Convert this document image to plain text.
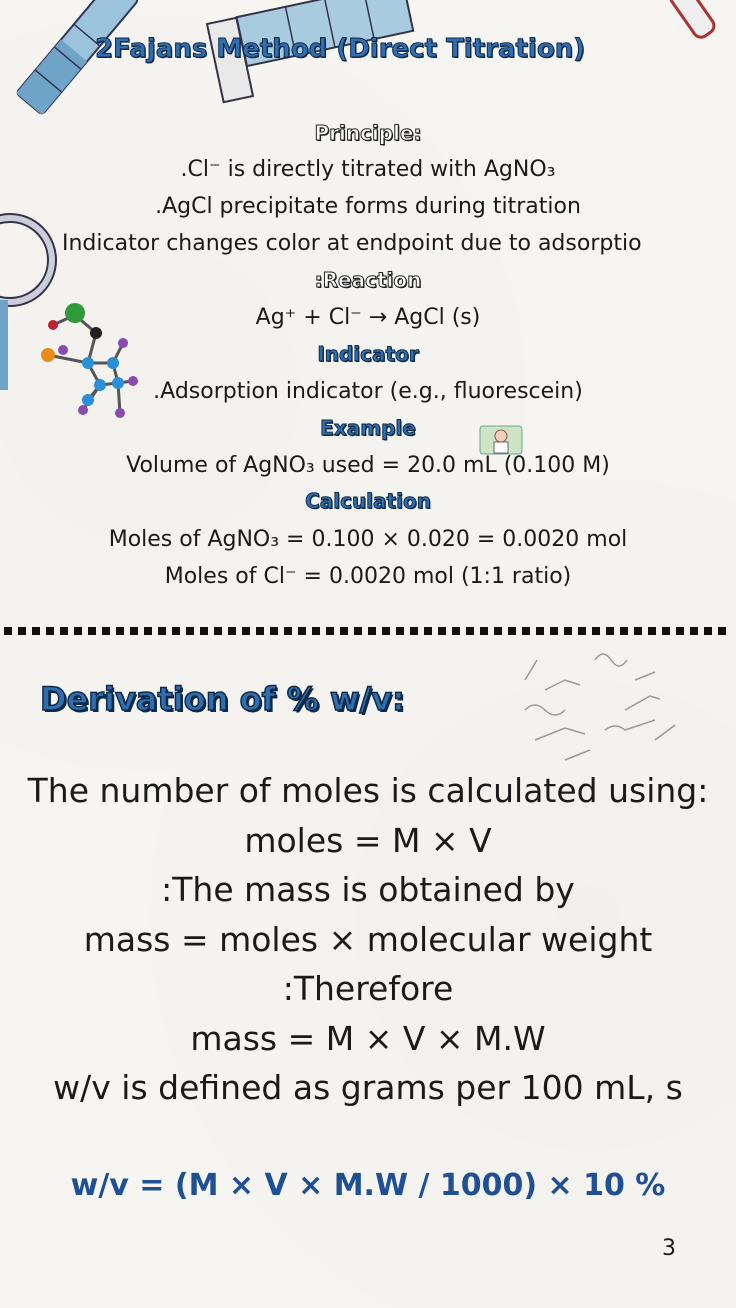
2Fajans Method (Direct Titration)
Principle:
.Cl⁻ is directly titrated with AgNO₃
.AgCl precipitate forms during titration
Indicator changes color at endpoint due to adsorptio
:Reaction
Ag⁺ + Cl⁻ → AgCl (s)
Indicator
.Adsorption indicator (e.g., fluorescein)
Example
Volume of AgNO₃ used = 20.0 mL (0.100 M)
Calculation
Moles of AgNO₃ = 0.100 × 0.020 = 0.0020 mol
Moles of Cl⁻ = 0.0020 mol (1:1 ratio)
Derivation of % w/v:
The number of moles is calculated using:
moles = M × V
:The mass is obtained by
mass = moles × molecular weight
:Therefore
mass = M × V × M.W
w/v is defined as grams per 100 mL, s
w/v = (M × V × M.W / 1000) × 10 %
3
